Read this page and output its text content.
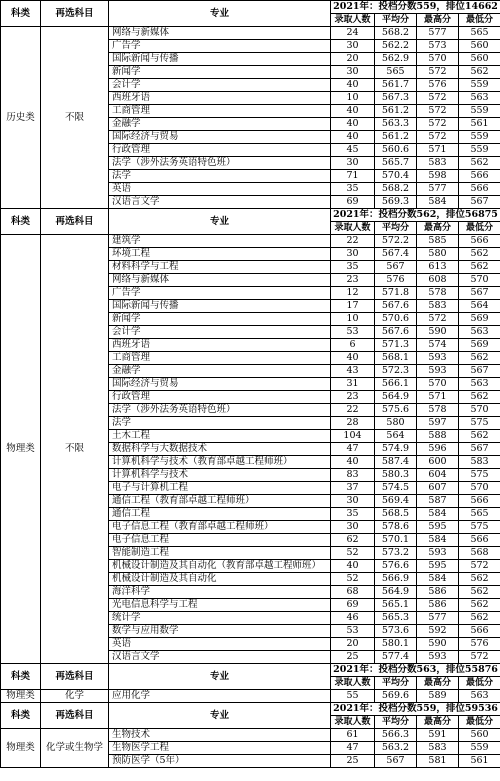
科类	再选科目	专业	2021年：投档分数559，排位14662			
			录取人数	平均分	最高分	最低分
历史类	不限	网络与新媒体	24	568.2	577	565
		广告学	30	562.2	573	560
		国际新闻与传播	20	562.9	570	560
		新闻学	30	565	572	562
		会计学	40	561.7	576	559
		西班牙语	10	567.3	572	563
		工商管理	40	561.2	572	559
		金融学	40	563.3	572	561
		国际经济与贸易	40	561.2	572	559
		行政管理	45	560.6	571	559
		法学（涉外法务英语特色班）	30	565.7	583	562
		法学	71	570.4	598	566
		英语	35	568.2	577	566
		汉语言文学	69	569.3	584	567
科类	再选科目	专业	2021年：投档分数562，排位56875			
			录取人数	平均分	最高分	最低分
物理类	不限	建筑学	22	572.2	585	566
		环境工程	30	567.4	580	562
		材料科学与工程	35	567	613	562
		网络与新媒体	23	576	608	570
		广告学	12	571.8	578	567
		国际新闻与传播	17	567.6	583	564
		新闻学	10	570.6	572	569
		会计学	53	567.6	590	563
		西班牙语	6	571.3	574	569
		工商管理	40	568.1	593	562
		金融学	43	572.3	593	567
		国际经济与贸易	31	566.1	570	563
		行政管理	23	564.9	571	562
		法学（涉外法务英语特色班）	22	575.6	578	570
		法学	28	580	597	575
		土木工程	104	564	588	562
		数据科学与大数据技术	47	574.9	596	567
		计算机科学与技术（教育部卓越工程师班）	40	587.4	600	583
		计算机科学与技术	83	580.3	604	575
		电子与计算机工程	37	574.5	607	570
		通信工程（教育部卓越工程师班）	30	569.4	587	566
		通信工程	35	568.5	584	565
		电子信息工程（教育部卓越工程师班）	30	578.6	595	575
		电子信息工程	62	570.1	584	566
		智能制造工程	52	573.2	593	568
		机械设计制造及其自动化（教育部卓越工程师班）	40	576.6	595	572
		机械设计制造及其自动化	52	566.9	584	562
		海洋科学	68	564.9	586	562
		光电信息科学与工程	69	565.1	586	562
		统计学	46	565.3	577	562
		数学与应用数学	53	573.6	592	566
		英语	20	580.1	590	576
		汉语言文学	25	577.4	593	572
科类	再选科目	专业	2021年：投档分数563，排位55876			
			录取人数	平均分	最高分	最低分
物理类	化学	应用化学	55	569.6	589	563
科类	再选科目	专业	2021年：投档分数559，排位59536			
			录取人数	平均分	最高分	最低分
物理类	化学或生物学	生物技术	61	566.3	591	560
		生物医学工程	47	563.2	583	559
		预防医学（5年）	25	567	581	561
